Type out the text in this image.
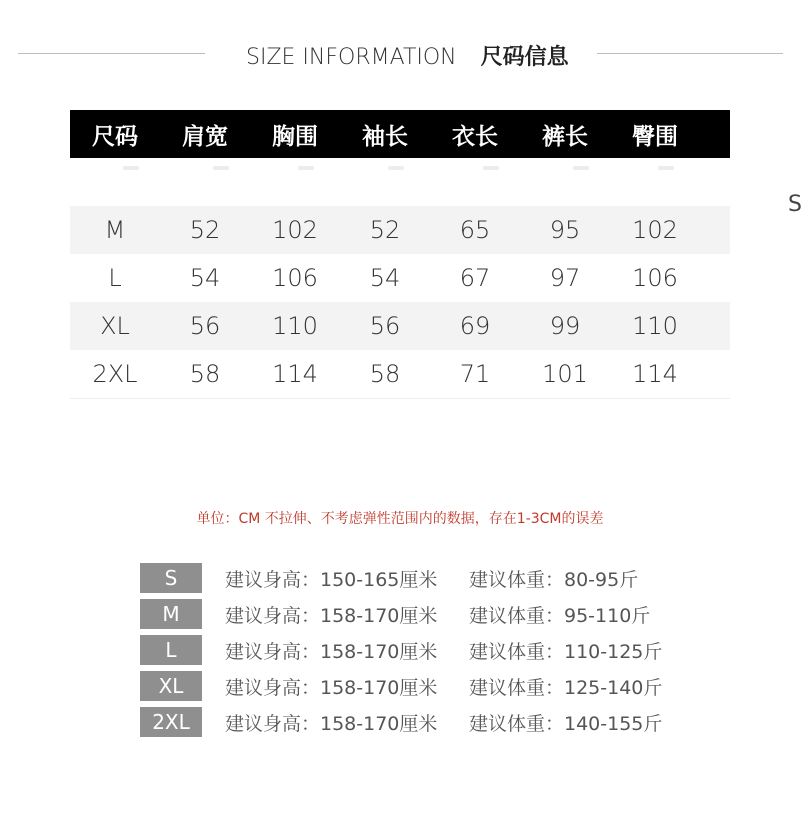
SIZE INFORMATION 尺码信息
尺码	肩宽	胸围	袖长	衣长	裤长	臀围
M	52	102	52	65	95	102
L	54	106	54	67	97	106
XL	56	110	56	69	99	110
2XL	58	114	58	71	101	114
S
单位：CM 不拉伸、不考虑弹性范围内的数据，存在1-3CM的误差
S	建议身高：150-165厘米 建议体重：80-95斤
M	建议身高：158-170厘米 建议体重：95-110斤
L	建议身高：158-170厘米 建议体重：110-125斤
XL	建议身高：158-170厘米 建议体重：125-140斤
2XL	建议身高：158-170厘米 建议体重：140-155斤
